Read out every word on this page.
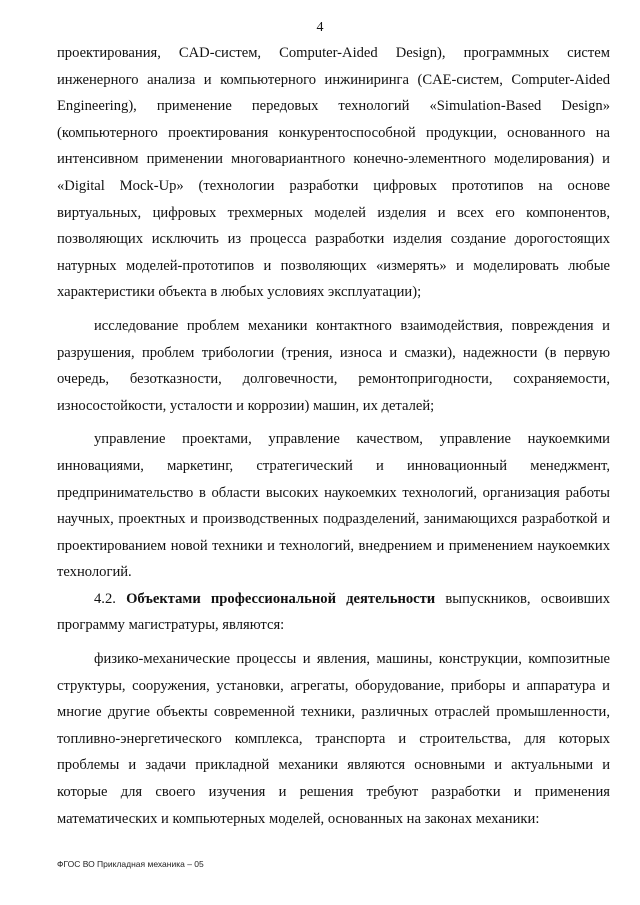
4

проектирования, CAD-систем, Computer-Aided Design), программных систем инженерного анализа и компьютерного инжиниринга (CAE-систем, Computer-Aided Engineering), применение передовых технологий «Simulation-Based Design» (компьютерного проектирования конкурентоспособной продукции, основанного на интенсивном применении многовариантного конечно-элементного моделирования) и «Digital Mock-Up» (технологии разработки цифровых прототипов на основе виртуальных, цифровых трехмерных моделей изделия и всех его компонентов, позволяющих исключить из процесса разработки изделия создание дорогостоящих натурных моделей-прототипов и позволяющих «измерять» и моделировать любые характеристики объекта в любых условиях эксплуатации);

исследование проблем механики контактного взаимодействия, повреждения и разрушения, проблем трибологии (трения, износа и смазки), надежности (в первую очередь, безотказности, долговечности, ремонтопригодности, сохраняемости, износостойкости, усталости и коррозии) машин, их деталей;

управление проектами, управление качеством, управление наукоемкими инновациями, маркетинг, стратегический и инновационный менеджмент, предпринимательство в области высоких наукоемких технологий, организация работы научных, проектных и производственных подразделений, занимающихся разработкой и проектированием новой техники и технологий, внедрением и применением наукоемких технологий.

4.2. Объектами профессиональной деятельности выпускников, освоивших программу магистратуры, являются:

физико-механические процессы и явления, машины, конструкции, композитные структуры, сооружения, установки, агрегаты, оборудование, приборы и аппаратура и многие другие объекты современной техники, различных отраслей промышленности, топливно-энергетического комплекса, транспорта и строительства, для которых проблемы и задачи прикладной механики являются основными и актуальными и которые для своего изучения и решения требуют разработки и применения математических и компьютерных моделей, основанных на законах механики:

ФГОС ВО Прикладная механика – 05
